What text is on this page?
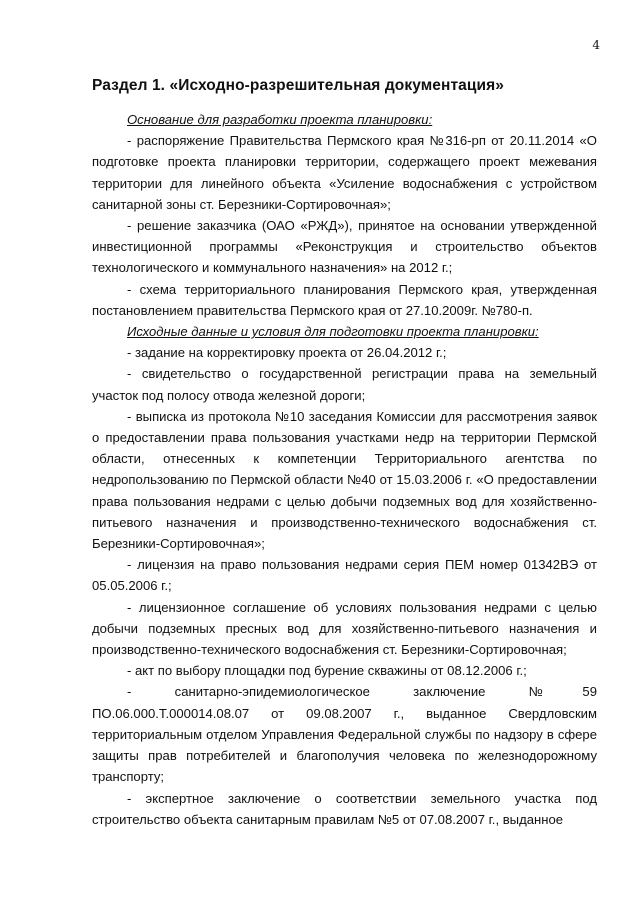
4
Раздел 1. «Исходно-разрешительная документация»

Основание для разработки проекта планировки:

- распоряжение Правительства Пермского края №316-рп от 20.11.2014 «О подготовке проекта планировки территории, содержащего проект межевания территории для линейного объекта «Усиление водоснабжения с устройством санитарной зоны ст. Березники-Сортировочная»;

- решение заказчика (ОАО «РЖД»), принятое на основании утвержденной инвестиционной программы «Реконструкция и строительство объектов технологического и коммунального назначения» на 2012 г.;

- схема территориального планирования Пермского края, утвержденная постановлением правительства Пермского края от 27.10.2009г. №780-п.

Исходные данные и условия для подготовки проекта планировки:

- задание на корректировку проекта от 26.04.2012 г.;

- свидетельство о государственной регистрации права на земельный участок под полосу отвода железной дороги;

- выписка из протокола №10 заседания Комиссии для рассмотрения заявок о предоставлении права пользования участками недр на территории Пермской области, отнесенных к компетенции Территориального агентства по недропользованию по Пермской области №40 от 15.03.2006 г. «О предоставлении права пользования недрами с целью добычи подземных вод для хозяйственно-питьевого назначения и производственно-технического водоснабжения ст. Березники-Сортировочная»;

- лицензия на право пользования недрами серия ПЕМ номер 01342ВЭ от 05.05.2006 г.;

- лицензионное соглашение об условиях пользования недрами с целью добычи подземных пресных вод для хозяйственно-питьевого назначения и производственно-технического водоснабжения ст. Березники-Сортировочная;

- акт по выбору площадки под бурение скважины от 08.12.2006 г.;

- санитарно-эпидемиологическое заключение №59 ПО.06.000.Т.000014.08.07 от 09.08.2007 г., выданное Свердловским территориальным отделом Управления Федеральной службы по надзору в сфере защиты прав потребителей и благополучия человека по железнодорожному транспорту;

- экспертное заключение о соответствии земельного участка под строительство объекта санитарным правилам №5 от 07.08.2007 г., выданное
